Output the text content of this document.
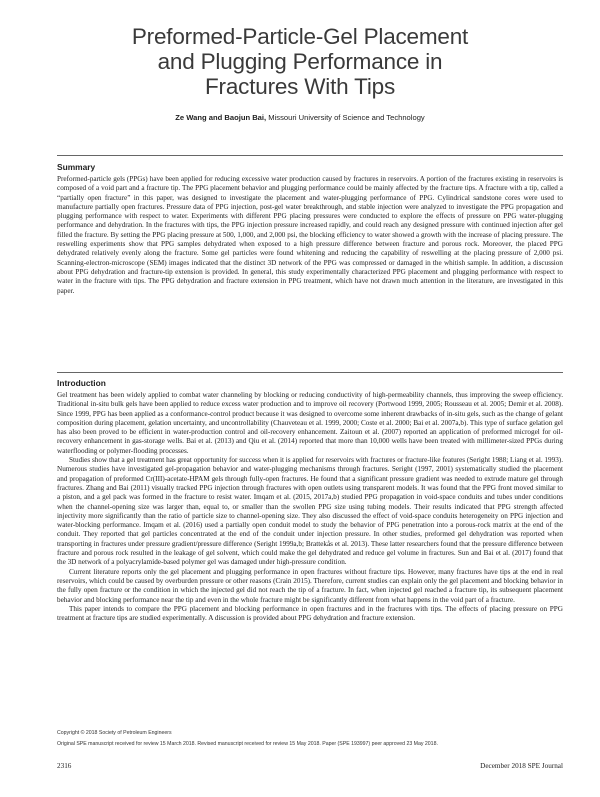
Preformed-Particle-Gel Placement
and Plugging Performance in
Fractures With Tips
Ze Wang and Baojun Bai, Missouri University of Science and Technology
Summary

Preformed-particle gels (PPGs) have been applied for reducing excessive water production caused by fractures in reservoirs. A portion of the fractures existing in reservoirs is composed of a void part and a fracture tip. The PPG placement behavior and plugging performance could be mainly affected by the fracture tips. A fracture with a tip, called a “partially open fracture” in this paper, was designed to investigate the placement and water-plugging performance of PPG. Cylindrical sandstone cores were used to manufacture partially open fractures. Pressure data of PPG injection, post-gel water breakthrough, and stable injection were analyzed to investigate the PPG propagation and plugging performance with respect to water. Experiments with different PPG placing pressures were conducted to explore the effects of pressure on PPG water-plugging performance and dehydration. In the fractures with tips, the PPG injection pressure increased rapidly, and could reach any designed pressure with continued injection after gel filled the fracture. By setting the PPG placing pressure at 500, 1,000, and 2,000 psi, the blocking efficiency to water showed a growth with the increase of placing pressure. The reswelling experiments show that PPG samples dehydrated when exposed to a high pressure difference between fracture and porous rock. Moreover, the placed PPG dehydrated relatively evenly along the fracture. Some gel particles were found whitening and reducing the capability of reswelling at the placing pressure of 2,000 psi. Scanning-electron-microscope (SEM) images indicated that the distinct 3D network of the PPG was compressed or damaged in the whitish sample. In addition, a discussion about PPG dehydration and fracture-tip extension is provided. In general, this study experimentally characterized PPG placement and plugging performance with respect to water in the fracture with tips. The PPG dehydration and fracture extension in PPG treatment, which have not drawn much attention in the literature, are investigated in this paper.

Introduction

Gel treatment has been widely applied to combat water channeling by blocking or reducing conductivity of high-permeability channels, thus improving the sweep efficiency. Traditional in-situ bulk gels have been applied to reduce excess water production and to improve oil recovery (Portwood 1999, 2005; Rousseau et al. 2005; Demir et al. 2008). Since 1999, PPG has been applied as a conformance-control product because it was designed to overcome some inherent drawbacks of in-situ gels, such as the change of gelant composition during placement, gelation uncertainty, and uncontrollability (Chauveteau et al. 1999, 2000; Coste et al. 2000; Bai et al. 2007a,b). This type of surface gelation gel has also been proved to be efficient in water-production control and oil-recovery enhancement. Zaitoun et al. (2007) reported an application of preformed microgel for oil-recovery enhancement in gas-storage wells. Bai et al. (2013) and Qiu et al. (2014) reported that more than 10,000 wells have been treated with millimeter-sized PPGs during waterflooding or polymer-flooding processes.

Studies show that a gel treatment has great opportunity for success when it is applied for reservoirs with fractures or fracture-like features (Seright 1988; Liang et al. 1993). Numerous studies have investigated gel-propagation behavior and water-plugging mechanisms through fractures. Seright (1997, 2001) systematically studied the placement and propagation of preformed Cr(III)-acetate-HPAM gels through fully-open fractures. He found that a significant pressure gradient was needed to extrude mature gel through fractures. Zhang and Bai (2011) visually tracked PPG injection through fractures with open outlets using transparent models. It was found that the PPG front moved similar to a piston, and a gel pack was formed in the fracture to resist water. Imqam et al. (2015, 2017a,b) studied PPG propagation in void-space conduits and tubes under conditions when the channel-opening size was larger than, equal to, or smaller than the swollen PPG size using tubing models. Their results indicated that PPG strength affected injectivity more significantly than the ratio of particle size to channel-opening size. They also discussed the effect of void-space conduits heterogeneity on PPG injection and water-blocking performance. Imqam et al. (2016) used a partially open conduit model to study the behavior of PPG penetration into a porous-rock matrix at the end of the conduit. They reported that gel particles concentrated at the end of the conduit under injection pressure. In other studies, preformed gel dehydration was reported when transporting in fractures under pressure gradient/pressure difference (Seright 1999a,b; Brattekås et al. 2013). These latter researchers found that the pressure difference between fracture and porous rock resulted in the leakage of gel solvent, which could make the gel dehydrated and reduce gel volume in fractures. Sun and Bai et al. (2017) found that the 3D network of a polyacrylamide-based polymer gel was damaged under high-pressure condition.

Current literature reports only the gel placement and plugging performance in open fractures without fracture tips. However, many fractures have tips at the end in real reservoirs, which could be caused by overburden pressure or other reasons (Crain 2015). Therefore, current studies can explain only the gel placement and blocking behavior in the fully open fracture or the condition in which the injected gel did not reach the tip of a fracture. In fact, when injected gel reached a fracture tip, its subsequent placement behavior and blocking performance near the tip and even in the whole fracture might be significantly different from what happens in the void part of a fracture.

This paper intends to compare the PPG placement and blocking performance in open fractures and in the fractures with tips. The effects of placing pressure on PPG treatment at fracture tips are studied experimentally. A discussion is provided about PPG dehydration and fracture extension.

Copyright © 2018 Society of Petroleum Engineers
Original SPE manuscript received for review 15 March 2018. Revised manuscript received for review 15 May 2018. Paper (SPE 193997) peer approved 23 May 2018.
2316	December 2018 SPE Journal
